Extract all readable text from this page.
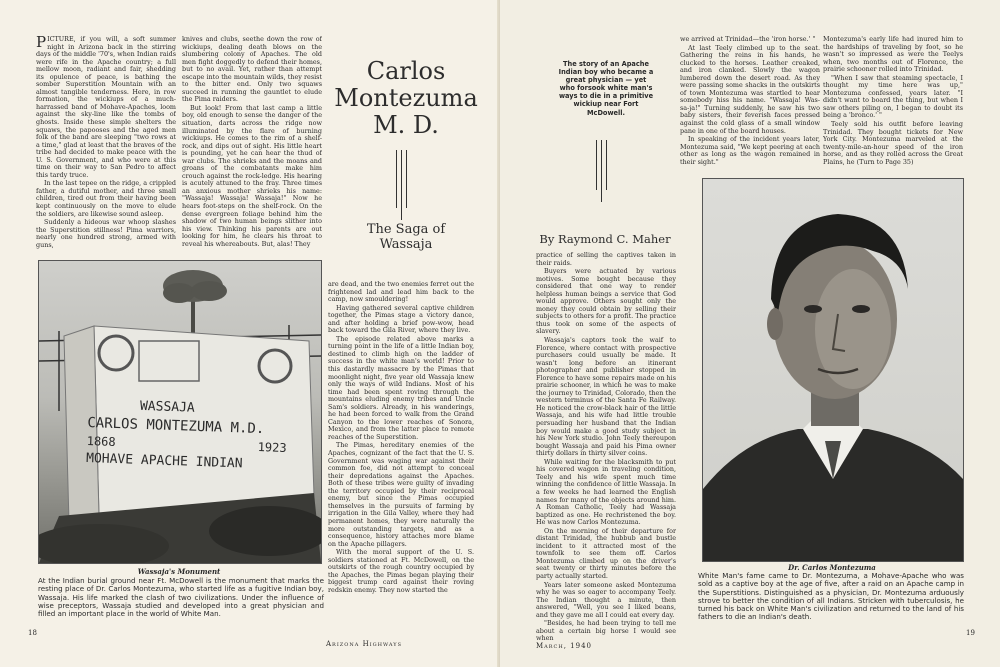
PICTURE, if you will, a soft summer night in Arizona back in the stirring days of the middle '70's, when Indian raids were rife in the Apache country; a full mellow moon, radiant and fair, shedding its opulence of peace, is bathing the somber Superstition Mountain with an almost tangible tenderness. Here, in row formation, the wickiups of a much-harrassed band of Mohave-Apaches, loom against the sky-line like the tombs of ghosts. Inside these simple shelters the squaws, the papooses and the aged men folk of the band are sleeping "two rows at a time," glad at least that the braves of the tribe had decided to make peace with the U. S. Government, and who were at this time on their way to San Pedro to affect this tardy truce.

In the last tepee on the ridge, a crippled father, a dutiful mother, and three small children, tired out from their having been kept continuously on the move to elude the soldiers, are likewise sound asleep.

Suddenly a hideous war whoop slashes the Superstition stillness! Pima warriors, nearly one hundred strong, armed with guns,

knives and clubs, seethe down the row of wickiups, dealing death blows on the slumbering colony of Apaches. The old men fight doggedly to defend their homes, but to no avail. Yet, rather than attempt escape into the mountain wilds, they resist to the bitter end. Only two squaws succeed in running the gauntlet to elude the Pima raiders.

But look! From that last camp a little boy, old enough to sense the danger of the situation, darts across the ridge now illuminated by the flare of burning wickiups. He comes to the rim of a shelf-rock, and dips out of sight. His little heart is pounding, yet he can hear the thud of war clubs. The shrieks and the moans and groans of the combatants make him crouch against the rock-ledge. His hearing is acutely attuned to the fray. Three times an anxious mother shrieks his name: "Wassaja! Wassaja! Wassaja!" Now he hears foot-steps on the shelf-rock. On the dense evergreen foliage behind him the shadow of two human beings slither into his view. Thinking his parents are out looking for him, he clears his throat to reveal his whereabouts. But, alas! They

Carlos
Montezuma
M. D.
The Saga of
Wassaja

are dead, and the two enemies ferret out the frightened lad and lead him back to the camp, now smouldering!

Having gathered several captive children together, the Pimas stage a victory dance, and after holding a brief pow-wow, head back toward the Gila River, where they live.

The episode related above marks a turning point in the life of a little Indian boy, destined to climb high on the ladder of success in the white man's world! Prior to this dastardly massacre by the Pimas that moonlight night, five year old Wassaja knew only the ways of wild Indians. Most of his time had been spent roving through the mountains eluding enemy tribes and Uncle Sam's soldiers. Already, in his wanderings, he had been forced to walk from the Grand Canyon to the lower reaches of Sonora, Mexico, and from the latter place to remote reaches of the Superstition.

The Pimas, hereditary enemies of the Apaches, cognizant of the fact that the U. S. Government was waging war against their common foe, did not attempt to conceal their depredations against the Apaches. Both of these tribes were guilty of invading the territory occupied by their reciprocal enemy, but since the Pimas occupied themselves in the pursuits of farming by irrigation in the Gila Valley, where they had permanent homes, they were naturally the more outstanding targets, and as a consequence, history attaches more blame on the Apache pillagers.

With the moral support of the U. S. soldiers stationed at Ft. McDowell, on the outskirts of the rough country occupied by the Apaches, the Pimas began playing their biggest trump card against their roving redskin enemy. They now started the

WASSAJA
CARLOS MONTEZUMA M.D.
1868	1923
MOHAVE APACHE INDIAN
Wassaja's Monument
At the Indian burial ground near Ft. McDowell is the monument that marks the resting place of Dr. Carlos Montezuma, who started life as a fugitive Indian boy, Wassaja. His life marked the clash of two civilizations. Under the influence of wise preceptors, Wassaja studied and developed into a great physician and filled an important place in the world of White Man.
18
Arizona Highways
The story of an Apache Indian boy who became a great physician — yet who forsook white man's ways to die in a primitive wickiup near Fort McDowell.
By Raymond C. Maher

practice of selling the captives taken in their raids.

Buyers were actuated by various motives. Some bought because they considered that one way to render helpless human beings a service that God would approve. Others sought only the money they could obtain by selling their subjects to others for a profit. The practice thus took on some of the aspects of slavery.

Wassaja's captors took the waif to Florence, where contact with prospective purchasers could usually be made. It wasn't long before an itinerant photographer and publisher stopped in Florence to have some repairs made on his prairie schooner, in which he was to make the journey to Trinidad, Colorado, then the western terminus of the Santa Fe Railway. He noticed the crow-black hair of the little Wassaja, and his wife had little trouble persuading her husband that the Indian boy would make a good study subject in his New York studio. John Teely thereupon bought Wassaja and paid his Pima owner thirty dollars in thirty silver coins.

While waiting for the blacksmith to put his covered wagon in traveling condition, Teely and his wife spent much time winning the confidence of little Wassaja. In a few weeks he had learned the English names for many of the objects around him. A Roman Catholic, Teely had Wassaja baptized as one. He rechristened the boy. He was now Carlos Montezuma.

On the morning of their departure for distant Trinidad, the hubbub and bustle incident to it attracted most of the townfolk to see them off. Carlos Montezuma climbed up on the driver's seat twenty or thirty minutes before the party actually started.

Years later someone asked Montezuma why he was so eager to accompany Teely. The Indian thought a minute, then answered, "Well, you see I liked beans, and they gave me all I could eat every day.

"Besides, he had been trying to tell me about a certain big horse I would see when

we arrived at Trinidad—the 'iron horse.' "

At last Teely climbed up to the seat. Gathering the reins in his hands, he clucked to the horses. Leather creaked, and iron clanked. Slowly the wagon lumbered down the desert road. As they were passing some shacks in the outskirts of town Montezuma was startled to hear somebody hiss his name. "Wassaja! Was-sa-ja!" Turning suddenly, he saw his two baby sisters, their feverish faces pressed against the cold glass of a small window pane in one of the board houses.

In speaking of the incident years later, Montezuma said, "We kept peering at each other as long as the wagon remained in their sight."

Montezuma's early life had inured him to the hardships of traveling by foot, so he wasn't so impressed as were the Teelys when, two months out of Florence, the prairie schooner rolled into Trinidad.

"When I saw that steaming spectacle, I thought my time here was up," Montezuma confessed, years later. "I didn't want to board the thing, but when I saw others piling on, I began to doubt its being a 'bronco.' "

Teely sold his outfit before leaving Trinidad. They bought tickets for New York City. Montezuma marveled at the twenty-mile-an-hour speed of the iron horse, and as they rolled across the Great Plains, he (Turn to Page 35)

Dr. Carlos Montezuma
White Man's fame came to Dr. Montezuma, a Mohave-Apache who was sold as a captive boy at the age of five, after a raid on an Apache camp in the Superstitions. Distinguished as a physician, Dr. Montezuma arduously strove to better the condition of all Indians. Stricken with tuberculosis, he turned his back on White Man's civilization and returned to the land of his fathers to die an Indian's death.
March, 1940
19
